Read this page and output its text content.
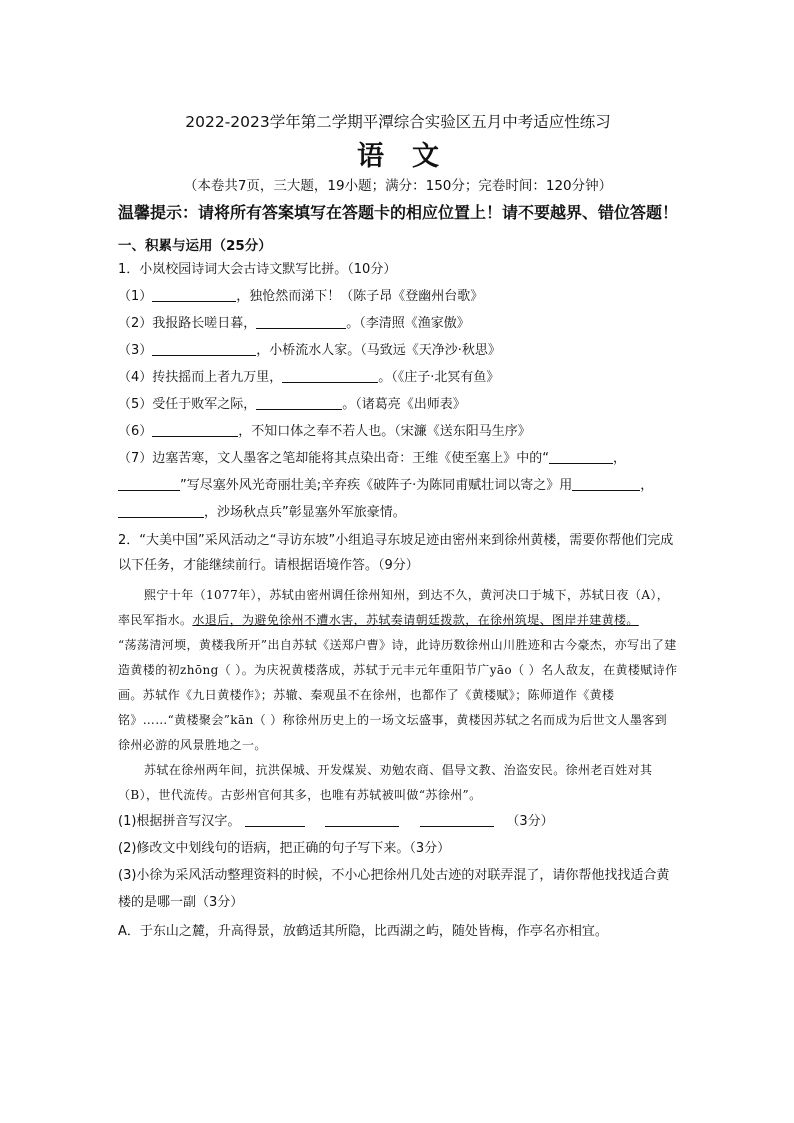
2022-2023学年第二学期平潭综合实验区五月中考适应性练习
语文
（本卷共7页，三大题，19小题；满分：150分；完卷时间：120分钟）
温馨提示：请将所有答案填写在答题卡的相应位置上！请不要越界、错位答题！
一、积累与运用（25分）
1．小岚校园诗词大会古诗文默写比拼。（10分）
（1）	，独怆然而涕下！（陈子昂《登幽州台歌》
（2）我报路长嗟日暮，	。（李清照《渔家傲》
（3）	，小桥流水人家。（马致远《天净沙·秋思》
（4）抟扶摇而上者九万里，	。（《庄子·北冥有鱼》
（5）受任于败军之际，	。（诸葛亮《出师表》
（6）	，不知口体之奉不若人也。（宋濂《送东阳马生序》
（7）边塞苦寒，文人墨客之笔却能将其点染出奇：王维《使至塞上》中的“	，
”写尽塞外风光奇丽壮美;辛弃疾《破阵子·为陈同甫赋壮词以寄之》用	，
，沙场秋点兵”彰显塞外军旅豪情。
2．“大美中国”采风活动之“寻访东坡”小组追寻东坡足迹由密州来到徐州黄楼，需要你帮他们完成以下任务，才能继续前行。请根据语境作答。（9分）
熙宁十年（1077年），苏轼由密州调任徐州知州，到达不久，黄河决口于城下，苏轼日夜（A），率民军指水。水退后，为避免徐州不遭水害，苏轼奏请朝廷拨款，在徐州筑堤、图岸并建黄楼。
“荡荡清河堧，黄楼我所开”出自苏轼《送郑户曹》诗，此诗历数徐州山川胜迹和古今豪杰，亦写出了建造黄楼的初zhōng（ ）。为庆祝黄楼落成，苏轼于元丰元年重阳节广yāo（ ）名人敌友，在黄楼赋诗作画。苏轼作《九日黄楼作》；苏辙、秦观虽不在徐州，也都作了《黄楼赋》；陈师道作《黄楼铭》……“黄楼聚会”kān（ ）称徐州历史上的一场文坛盛事，黄楼因苏轼之名而成为后世文人墨客到徐州必游的风景胜地之一。
苏轼在徐州两年间，抗洪保城、开发煤炭、劝勉农商、倡导文教、治盗安民。徐州老百姓对其（B），世代流传。古彭州官何其多，也唯有苏轼被叫做“苏徐州”。
(1)根据拼音写汉字。	（3分）
(2)修改文中划线句的语病，把正确的句子写下来。（3分）
(3)小徐为采风活动整理资料的时候，不小心把徐州几处古迹的对联弄混了，请你帮他找找适合黄楼的是哪一副（3分）
A．于东山之麓，升高得景，放鹤适其所隐，比西湖之屿，随处皆梅，作亭名亦相宜。
